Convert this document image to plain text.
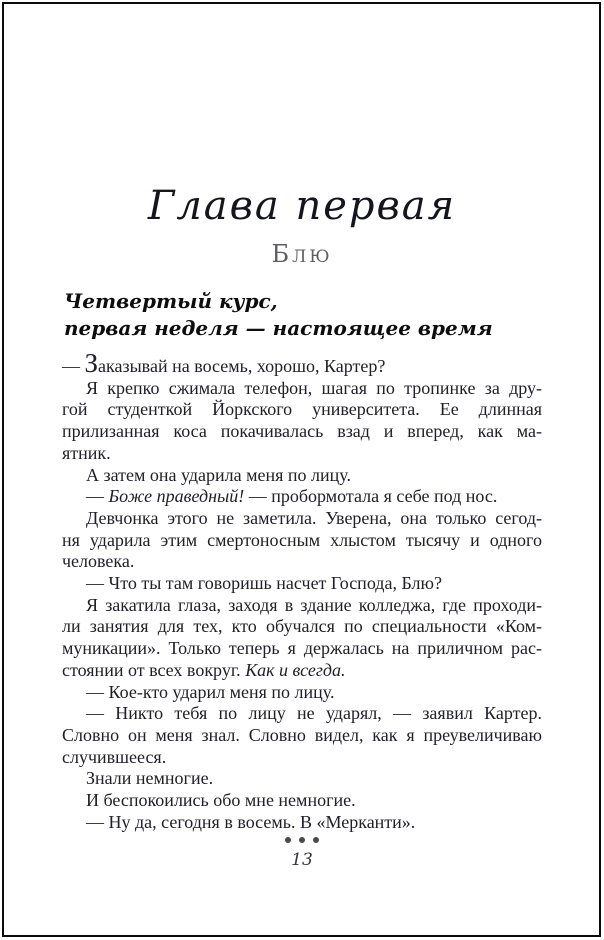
Глава первая
Блю
Четвертый курс,
первая неделя — настоящее время
— Заказывай на восемь, хорошо, Картер?
Я крепко сжимала телефон, шагая по тропинке за дру-
гой студенткой Йоркского университета. Ее длинная
прилизанная коса покачивалась взад и вперед, как ма-
ятник.
А затем она ударила меня по лицу.
— Боже праведный! — пробормотала я себе под нос.
Девчонка этого не заметила. Уверена, она только сегод-
ня ударила этим смертоносным хлыстом тысячу и одного
человека.
— Что ты там говоришь насчет Господа, Блю?
Я закатила глаза, заходя в здание колледжа, где проходи-
ли занятия для тех, кто обучался по специальности «Ком-
муникации». Только теперь я держалась на приличном рас-
стоянии от всех вокруг. Как и всегда.
— Кое-кто ударил меня по лицу.
— Никто тебя по лицу не ударял, — заявил Картер.
Словно он меня знал. Словно видел, как я преувеличиваю
случившееся.
Знали немногие.
И беспокоились обо мне немногие.
— Ну да, сегодня в восемь. В «Мерканти».
13
